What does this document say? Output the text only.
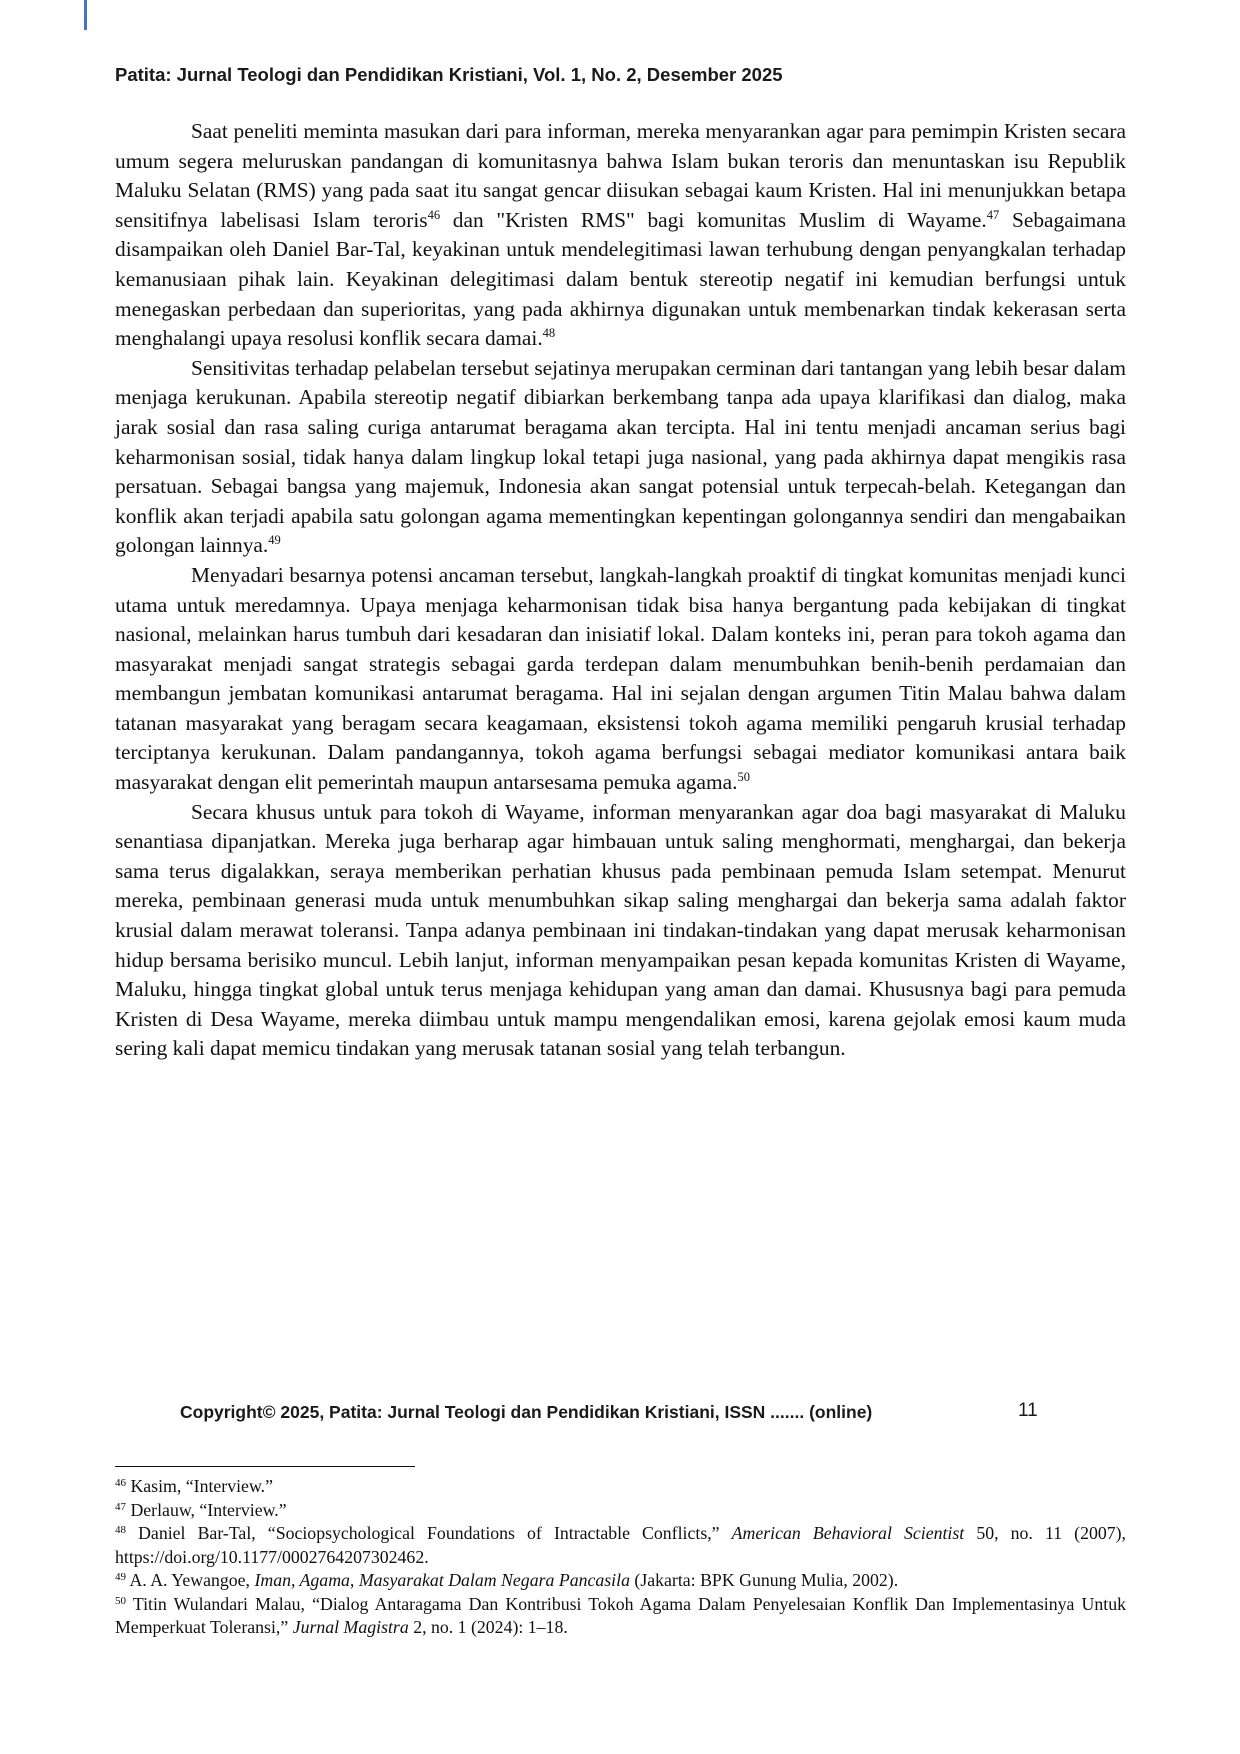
Patita: Jurnal Teologi dan Pendidikan Kristiani, Vol. 1, No. 2, Desember 2025

Saat peneliti meminta masukan dari para informan, mereka menyarankan agar para pemimpin Kristen secara umum segera meluruskan pandangan di komunitasnya bahwa Islam bukan teroris dan menuntaskan isu Republik Maluku Selatan (RMS) yang pada saat itu sangat gencar diisukan sebagai kaum Kristen. Hal ini menunjukkan betapa sensitifnya labelisasi Islam teroris$^{46}$ dan "Kristen RMS" bagi komunitas Muslim di Wayame.$^{47}$ Sebagaimana disampaikan oleh Daniel Bar-Tal, keyakinan untuk mendelegitimasi lawan terhubung dengan penyangkalan terhadap kemanusiaan pihak lain. Keyakinan delegitimasi dalam bentuk stereotip negatif ini kemudian berfungsi untuk menegaskan perbedaan dan superioritas, yang pada akhirnya digunakan untuk membenarkan tindak kekerasan serta menghalangi upaya resolusi konflik secara damai.$^{48}$

Sensitivitas terhadap pelabelan tersebut sejatinya merupakan cerminan dari tantangan yang lebih besar dalam menjaga kerukunan. Apabila stereotip negatif dibiarkan berkembang tanpa ada upaya klarifikasi dan dialog, maka jarak sosial dan rasa saling curiga antarumat beragama akan tercipta. Hal ini tentu menjadi ancaman serius bagi keharmonisan sosial, tidak hanya dalam lingkup lokal tetapi juga nasional, yang pada akhirnya dapat mengikis rasa persatuan. Sebagai bangsa yang majemuk, Indonesia akan sangat potensial untuk terpecah-belah. Ketegangan dan konflik akan terjadi apabila satu golongan agama mementingkan kepentingan golongannya sendiri dan mengabaikan golongan lainnya.$^{49}$

Menyadari besarnya potensi ancaman tersebut, langkah-langkah proaktif di tingkat komunitas menjadi kunci utama untuk meredamnya. Upaya menjaga keharmonisan tidak bisa hanya bergantung pada kebijakan di tingkat nasional, melainkan harus tumbuh dari kesadaran dan inisiatif lokal. Dalam konteks ini, peran para tokoh agama dan masyarakat menjadi sangat strategis sebagai garda terdepan dalam menumbuhkan benih-benih perdamaian dan membangun jembatan komunikasi antarumat beragama. Hal ini sejalan dengan argumen Titin Malau bahwa dalam tatanan masyarakat yang beragam secara keagamaan, eksistensi tokoh agama memiliki pengaruh krusial terhadap terciptanya kerukunan. Dalam pandangannya, tokoh agama berfungsi sebagai mediator komunikasi antara baik masyarakat dengan elit pemerintah maupun antarsesama pemuka agama.$^{50}$

Secara khusus untuk para tokoh di Wayame, informan menyarankan agar doa bagi masyarakat di Maluku senantiasa dipanjatkan. Mereka juga berharap agar himbauan untuk saling menghormati, menghargai, dan bekerja sama terus digalakkan, seraya memberikan perhatian khusus pada pembinaan pemuda Islam setempat. Menurut mereka, pembinaan generasi muda untuk menumbuhkan sikap saling menghargai dan bekerja sama adalah faktor krusial dalam merawat toleransi. Tanpa adanya pembinaan ini tindakan-tindakan yang dapat merusak keharmonisan hidup bersama berisiko muncul. Lebih lanjut, informan menyampaikan pesan kepada komunitas Kristen di Wayame, Maluku, hingga tingkat global untuk terus menjaga kehidupan yang aman dan damai. Khususnya bagi para pemuda Kristen di Desa Wayame, mereka diimbau untuk mampu mengendalikan emosi, karena gejolak emosi kaum muda sering kali dapat memicu tindakan yang merusak tatanan sosial yang telah terbangun.

Copyright© 2025, Patita: Jurnal Teologi dan Pendidikan Kristiani, ISSN ....... (online)	11

$^{46}$ Kasim, “Interview.”

$^{47}$ Derlauw, “Interview.”

$^{48}$ Daniel Bar-Tal, “Sociopsychological Foundations of Intractable Conflicts,” American Behavioral Scientist 50, no. 11 (2007), https://doi.org/10.1177/0002764207302462.

$^{49}$ A. A. Yewangoe, Iman, Agama, Masyarakat Dalam Negara Pancasila (Jakarta: BPK Gunung Mulia, 2002).

$^{50}$ Titin Wulandari Malau, “Dialog Antaragama Dan Kontribusi Tokoh Agama Dalam Penyelesaian Konflik Dan Implementasinya Untuk Memperkuat Toleransi,” Jurnal Magistra 2, no. 1 (2024): 1–18.
